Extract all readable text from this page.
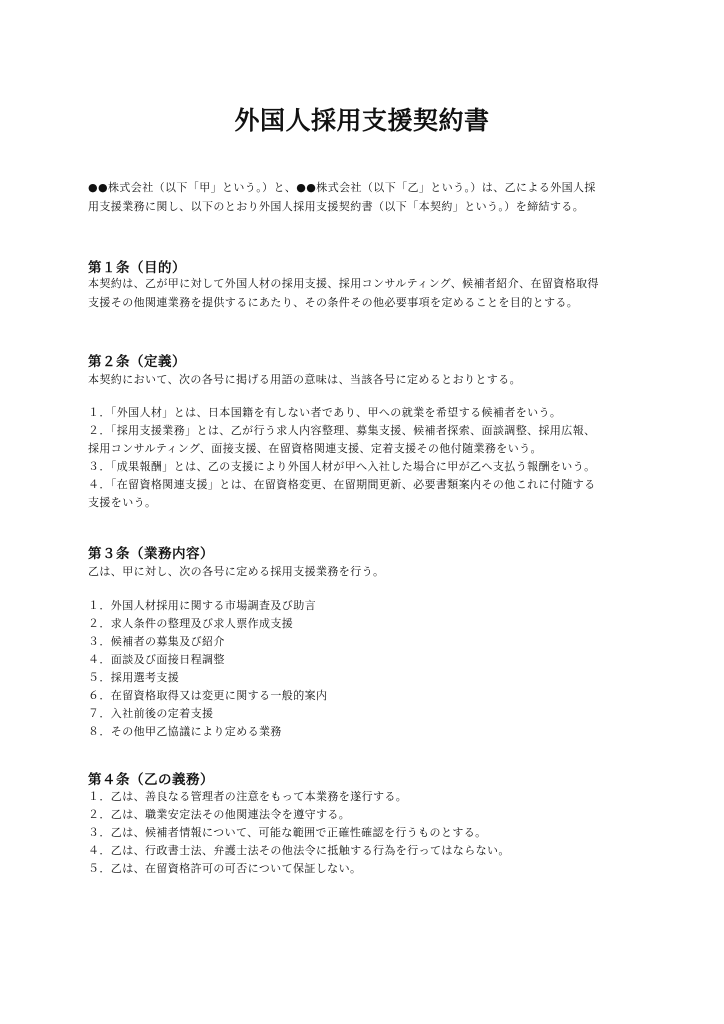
外国人採用支援契約書
●●株式会社（以下「甲」という。）と、●●株式会社（以下「乙」という。）は、乙による外国人採
用支援業務に関し、以下のとおり外国人採用支援契約書（以下「本契約」という。）を締結する。
第１条（目的）
本契約は、乙が甲に対して外国人材の採用支援、採用コンサルティング、候補者紹介、在留資格取得
支援その他関連業務を提供するにあたり、その条件その他必要事項を定めることを目的とする。
第２条（定義）
本契約において、次の各号に掲げる用語の意味は、当該各号に定めるとおりとする。
１．「外国人材」とは、日本国籍を有しない者であり、甲への就業を希望する候補者をいう。
２．「採用支援業務」とは、乙が行う求人内容整理、募集支援、候補者探索、面談調整、採用広報、
採用コンサルティング、面接支援、在留資格関連支援、定着支援その他付随業務をいう。
３．「成果報酬」とは、乙の支援により外国人材が甲へ入社した場合に甲が乙へ支払う報酬をいう。
４．「在留資格関連支援」とは、在留資格変更、在留期間更新、必要書類案内その他これに付随する
支援をいう。
第３条（業務内容）
乙は、甲に対し、次の各号に定める採用支援業務を行う。
１．外国人材採用に関する市場調査及び助言
２．求人条件の整理及び求人票作成支援
３．候補者の募集及び紹介
４．面談及び面接日程調整
５．採用選考支援
６．在留資格取得又は変更に関する一般的案内
７．入社前後の定着支援
８．その他甲乙協議により定める業務
第４条（乙の義務）
１．乙は、善良なる管理者の注意をもって本業務を遂行する。
２．乙は、職業安定法その他関連法令を遵守する。
３．乙は、候補者情報について、可能な範囲で正確性確認を行うものとする。
４．乙は、行政書士法、弁護士法その他法令に抵触する行為を行ってはならない。
５．乙は、在留資格許可の可否について保証しない。
